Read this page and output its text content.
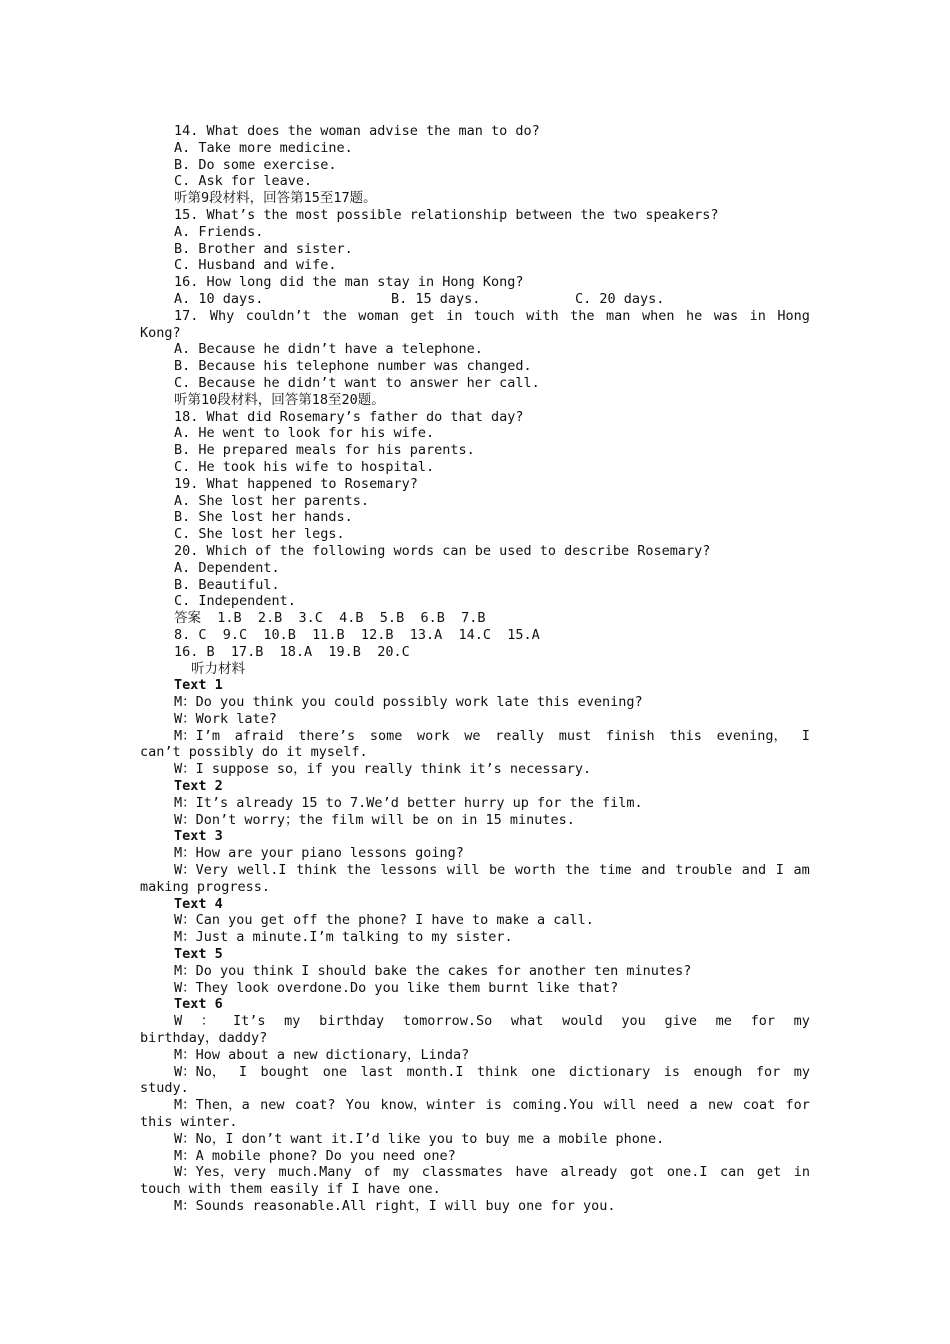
14. What does the woman advise the man to do?
A. Take more medicine.
B. Do some exercise.
C. Ask for leave.
听第9段材料，回答第15至17题。
15. What’s the most possible relationship between the two speakers?
A. Friends.
B. Brother and sister.
C. Husband and wife.
16. How long did the man stay in Hong Kong?
A. 10 days.	B. 15 days.	C. 20 days.
17. Why couldn’t the woman get in touch with the man when he was in Hong
Kong?
A. Because he didn’t have a telephone.
B. Because his telephone number was changed.
C. Because he didn’t want to answer her call.
听第10段材料，回答第18至20题。
18. What did Rosemary’s father do that day?
A. He went to look for his wife.
B. He prepared meals for his parents.
C. He took his wife to hospital.
19. What happened to Rosemary?
A. She lost her parents.
B. She lost her hands.
C. She lost her legs.
20. Which of the following words can be used to describe Rosemary?
A. Dependent.
B. Beautiful.
C. Independent.
答案  1.B  2.B  3.C  4.B  5.B  6.B  7.B
8. C  9.C  10.B  11.B  12.B  13.A  14.C  15.A
16. B  17.B  18.A  19.B  20.C
听力材料
Text 1
M：Do you think you could possibly work late this evening?
W：Work late?
M：I’m afraid there’s some work we really must finish this evening， I
can’t possibly do it myself.
W：I suppose so，if you really think it’s necessary.
Text 2
M：It’s already 15 to 7.We’d better hurry up for the film.
W：Don’t worry；the film will be on in 15 minutes.
Text 3
M：How are your piano lessons going?
W：Very well.I think the lessons will be worth the time and trouble and I am
making progress.
Text 4
W：Can you get off the phone? I have to make a call.
M：Just a minute.I’m talking to my sister.
Text 5
M：Do you think I should bake the cakes for another ten minutes?
W：They look overdone.Do you like them burnt like that?
Text 6
W ： It’s my birthday tomorrow.So what would you give me for my
birthday，daddy?
M：How about a new dictionary，Linda?
W：No， I bought one last month.I think one dictionary is enough for my
study.
M：Then，a new coat? You know，winter is coming.You will need a new coat for
this winter.
W：No，I don’t want it.I’d like you to buy me a mobile phone.
M：A mobile phone? Do you need one?
W：Yes，very much.Many of my classmates have already got one.I can get in
touch with them easily if I have one.
M：Sounds reasonable.All right，I will buy one for you.
